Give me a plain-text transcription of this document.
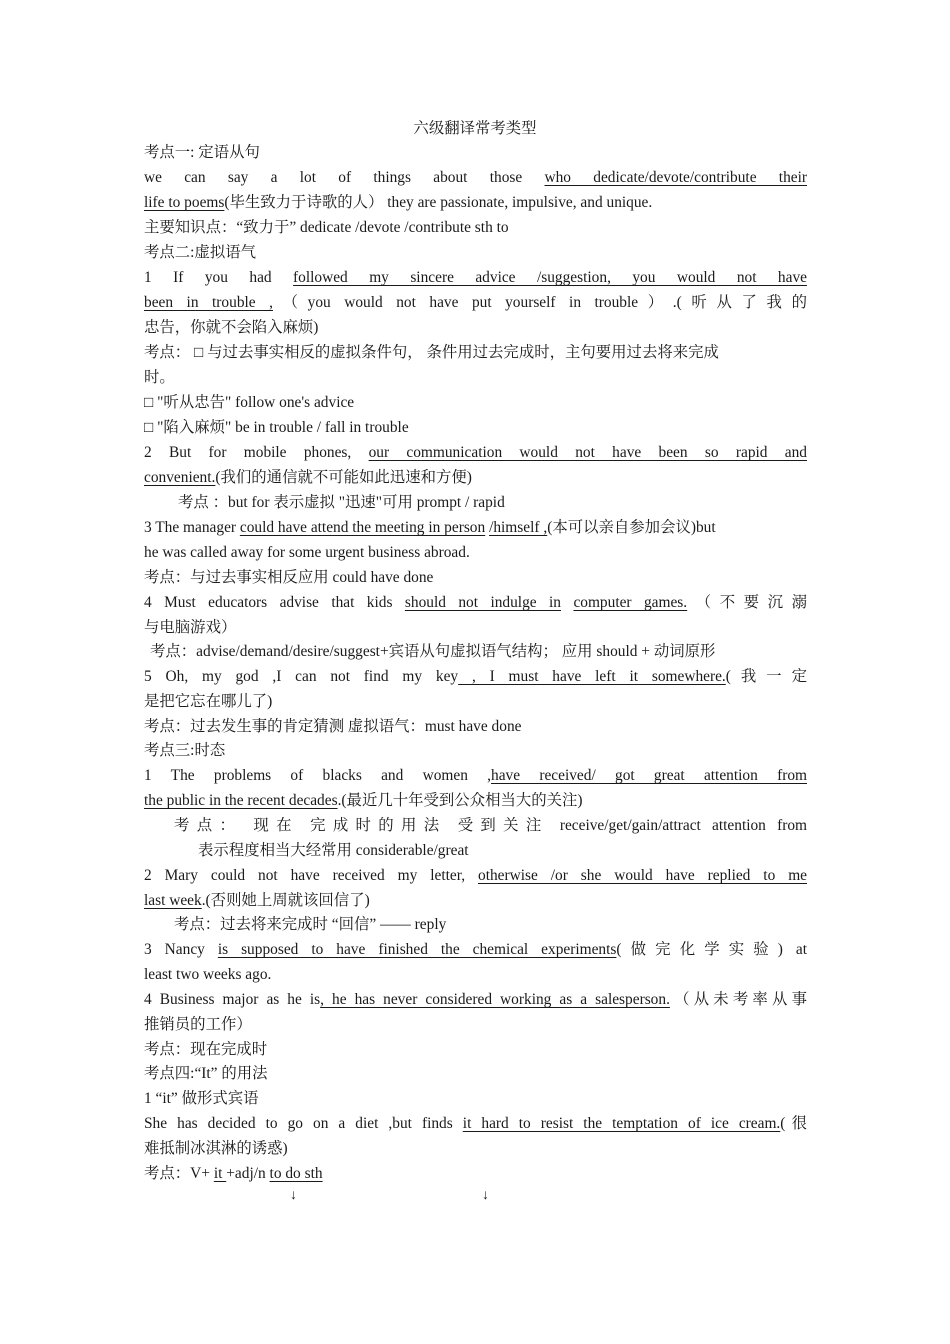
六级翻译常考类型
考点一: 定语从句
we can say a lot of things about those who dedicate/devote/contribute their
life to poems(毕生致力于诗歌的人） they are passionate, impulsive, and unique.
主要知识点：“致力于” dedicate /devote /contribute sth to
考点二:虚拟语气
1 If you had followed my sincere advice /suggestion, you would not have
been in trouble ,（you would not have put yourself in trouble）.(听从了我的
忠告，你就不会陷入麻烦)
考点： □ 与过去事实相反的虚拟条件句， 条件用过去完成时，主句要用过去将来完成
时。
□ "听从忠告" follow one's advice
□ "陷入麻烦" be in trouble / fall in trouble
2 But for mobile phones, our communication would not have been so rapid and
convenient.(我们的通信就不可能如此迅速和方便)
考点 ：but for 表示虚拟 "迅速"可用 prompt / rapid
3 The manager could have attend the meeting in person /himself ,(本可以亲自参加会议)but
he was called away for some urgent business abroad.
考点：与过去事实相反应用 could have done
4 Must educators advise that kids should not indulge in computer games.（不要沉溺
与电脑游戏）
考点：advise/demand/desire/suggest+宾语从句虚拟语气结构； 应用 should + 动词原形
5 Oh, my god ,I can not find my key , I must have left it somewhere.(我一定
是把它忘在哪儿了)
考点：过去发生事的肯定猜测 虚拟语气：must have done
考点三:时态
1 The problems of blacks and women ,have received/ got great attention from
the public in the recent decades.(最近几十年受到公众相当大的关注)
考点： 现在 完成时的用法 受到关注 receive/get/gain/attract attention from
表示程度相当大经常用 considerable/great
2 Mary could not have received my letter, otherwise /or she would have replied to me
last week.(否则她上周就该回信了)
考点：过去将来完成时 “回信” —— reply
3 Nancy is supposed to have finished the chemical experiments(做完化学实验) at
least two weeks ago.
4 Business major as he is, he has never considered working as a salesperson.（从未考率从事
推销员的工作）
考点：现在完成时
考点四:“It” 的用法
1 “it” 做形式宾语
She has decided to go on a diet ,but finds it hard to resist the temptation of ice cream.(很
难抵制冰淇淋的诱惑)
考点：V+ it +adj/n to do sth
↓	↓
